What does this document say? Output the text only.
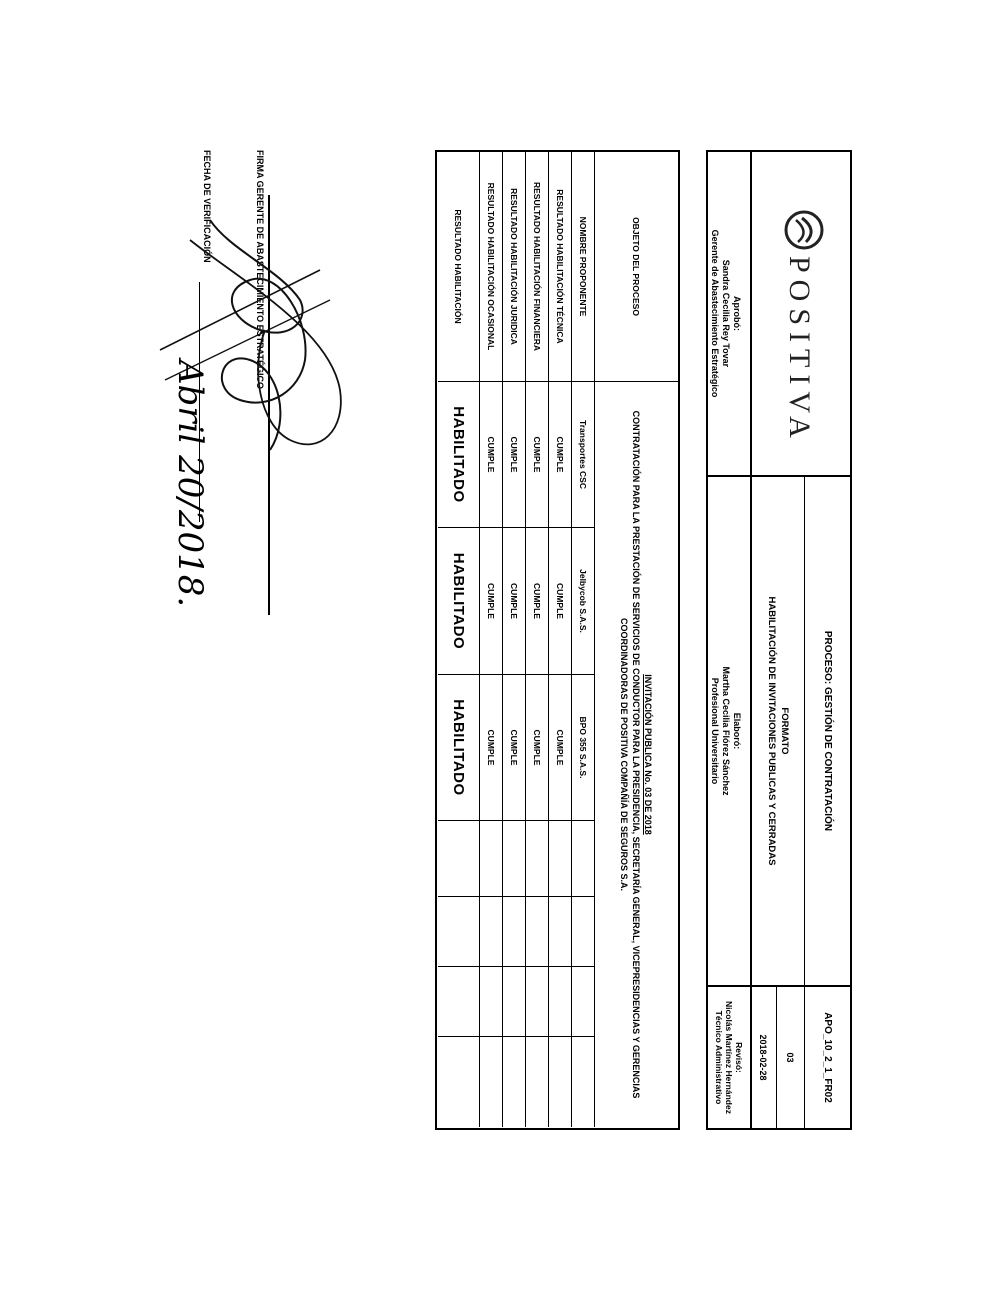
POSITIVA
Aprobó:
Sandra Cecilia Rey Tovar
Gerente de Abastecimiento Estratégico
PROCESO: GESTIÓN DE CONTRATACIÓN
FORMATO
HABILITACIÓN DE INVITACIONES PUBLICAS Y CERRADAS
Elaboró:
Martha Cecilia Flórez Sánchez
Profesional Universitario
APO_10_2_1_FR02
03
2018-02-28
Revisó:
Nicolás Martínez Hernández
Técnico Administrativo
OBJETO DEL PROCESO
INVITACIÓN PUBLICA No. 03 DE 2018
CONTRATACIÓN PARA LA PRESTACIÓN DE SERVICIOS DE CONDUCTOR PARA LA PRESIDENCIA, SECRETARÍA GENERAL, VICEPRESIDENCIAS Y GERENCIAS COORDINADORAS DE POSITIVA COMPAÑÍA DE SEGUROS S.A.
NOMBRE PROPONENTE
Transportes CSC
Jelbycob S.A.S.
BPO 355 S.A.S.
RESULTADO HABILITACIÓN TÉCNICA
CUMPLE
CUMPLE
CUMPLE
RESULTADO HABILITACIÓN FINANCIERA
CUMPLE
CUMPLE
CUMPLE
RESULTADO HABILITACIÓN JURIDICA
CUMPLE
CUMPLE
CUMPLE
RESULTADO HABILITACIÓN OCASIONAL
CUMPLE
CUMPLE
CUMPLE
RESULTADO HABILITACIÓN
HABILITADO
HABILITADO
HABILITADO
FIRMA GERENTE DE ABASTECIMIENTO ESTRATÉGICO
FECHA DE VERIFICACIÓN
Abril 20/2018.
